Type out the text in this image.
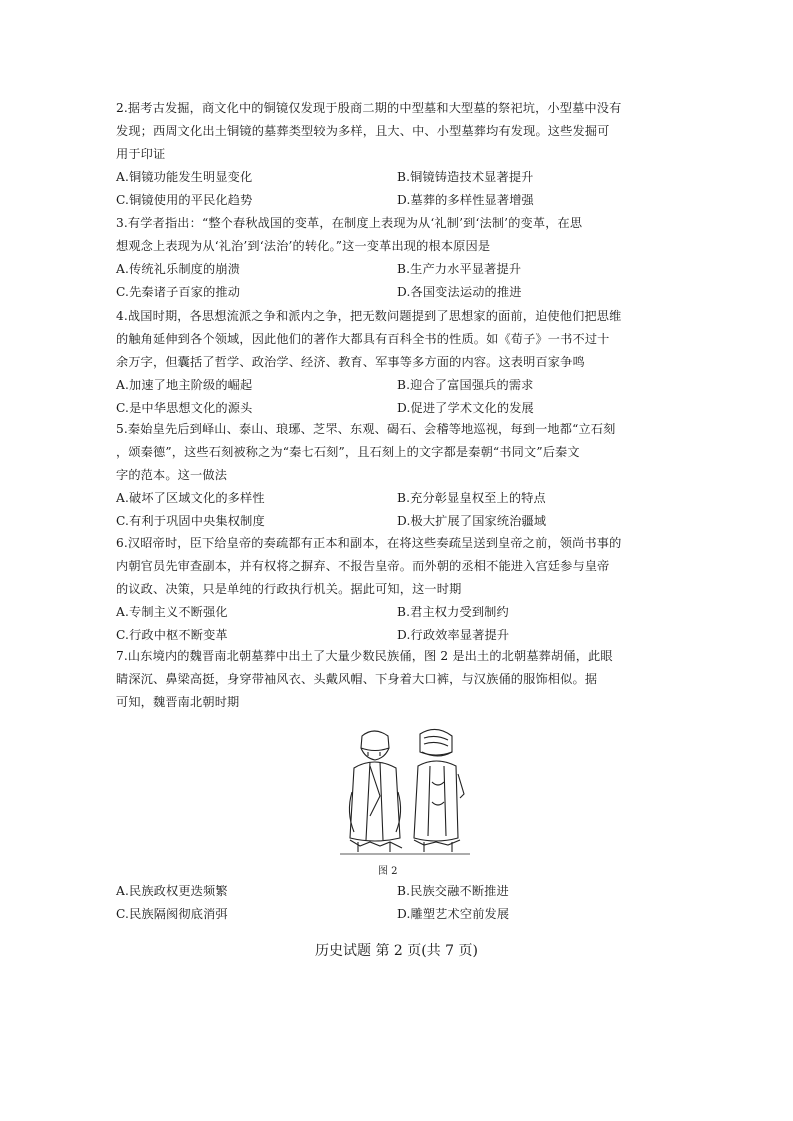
2.据考古发掘，商文化中的铜镜仅发现于殷商二期的中型墓和大型墓的祭祀坑，小型墓中没有
发现；西周文化出土铜镜的墓葬类型较为多样，且大、中、小型墓葬均有发现。这些发掘可
用于印证
A.铜镜功能发生明显变化	B.铜镜铸造技术显著提升
C.铜镜使用的平民化趋势	D.墓葬的多样性显著增强
3.有学者指出：“整个春秋战国的变革，在制度上表现为从‘礼制’到‘法制’的变革，在思
想观念上表现为从‘礼治’到‘法治’的转化。”这一变革出现的根本原因是
A.传统礼乐制度的崩溃	B.生产力水平显著提升
C.先秦诸子百家的推动	D.各国变法运动的推进
4.战国时期，各思想流派之争和派内之争，把无数问题提到了思想家的面前，迫使他们把思维
的触角延伸到各个领域，因此他们的著作大都具有百科全书的性质。如《荀子》一书不过十
余万字，但囊括了哲学、政治学、经济、教育、军事等多方面的内容。这表明百家争鸣
A.加速了地主阶级的崛起	B.迎合了富国强兵的需求
C.是中华思想文化的源头	D.促进了学术文化的发展
5.秦始皇先后到峄山、泰山、琅琊、芝罘、东观、碣石、会稽等地巡视，每到一地都“立石刻
，颂秦德”，这些石刻被称之为“秦七石刻”，且石刻上的文字都是秦朝“书同文”后秦文
字的范本。这一做法
A.破坏了区域文化的多样性	B.充分彰显皇权至上的特点
C.有利于巩固中央集权制度	D.极大扩展了国家统治疆域
6.汉昭帝时，臣下给皇帝的奏疏都有正本和副本，在将这些奏疏呈送到皇帝之前，领尚书事的
内朝官员先审查副本，并有权将之摒弃、不报告皇帝。而外朝的丞相不能进入宫廷参与皇帝
的议政、决策，只是单纯的行政执行机关。据此可知，这一时期
A.专制主义不断强化	B.君主权力受到制约
C.行政中枢不断变革	D.行政效率显著提升
7.山东境内的魏晋南北朝墓葬中出土了大量少数民族俑，图 2 是出土的北朝墓葬胡俑，此眼
睛深沉、鼻梁高挺，身穿带袖风衣、头戴风帽、下身着大口裤，与汉族俑的服饰相似。据
可知，魏晋南北朝时期
图 2
A.民族政权更迭频繁	B.民族交融不断推进
C.民族隔阂彻底消弭	D.雕塑艺术空前发展
历史试题 第 2 页(共 7 页)
